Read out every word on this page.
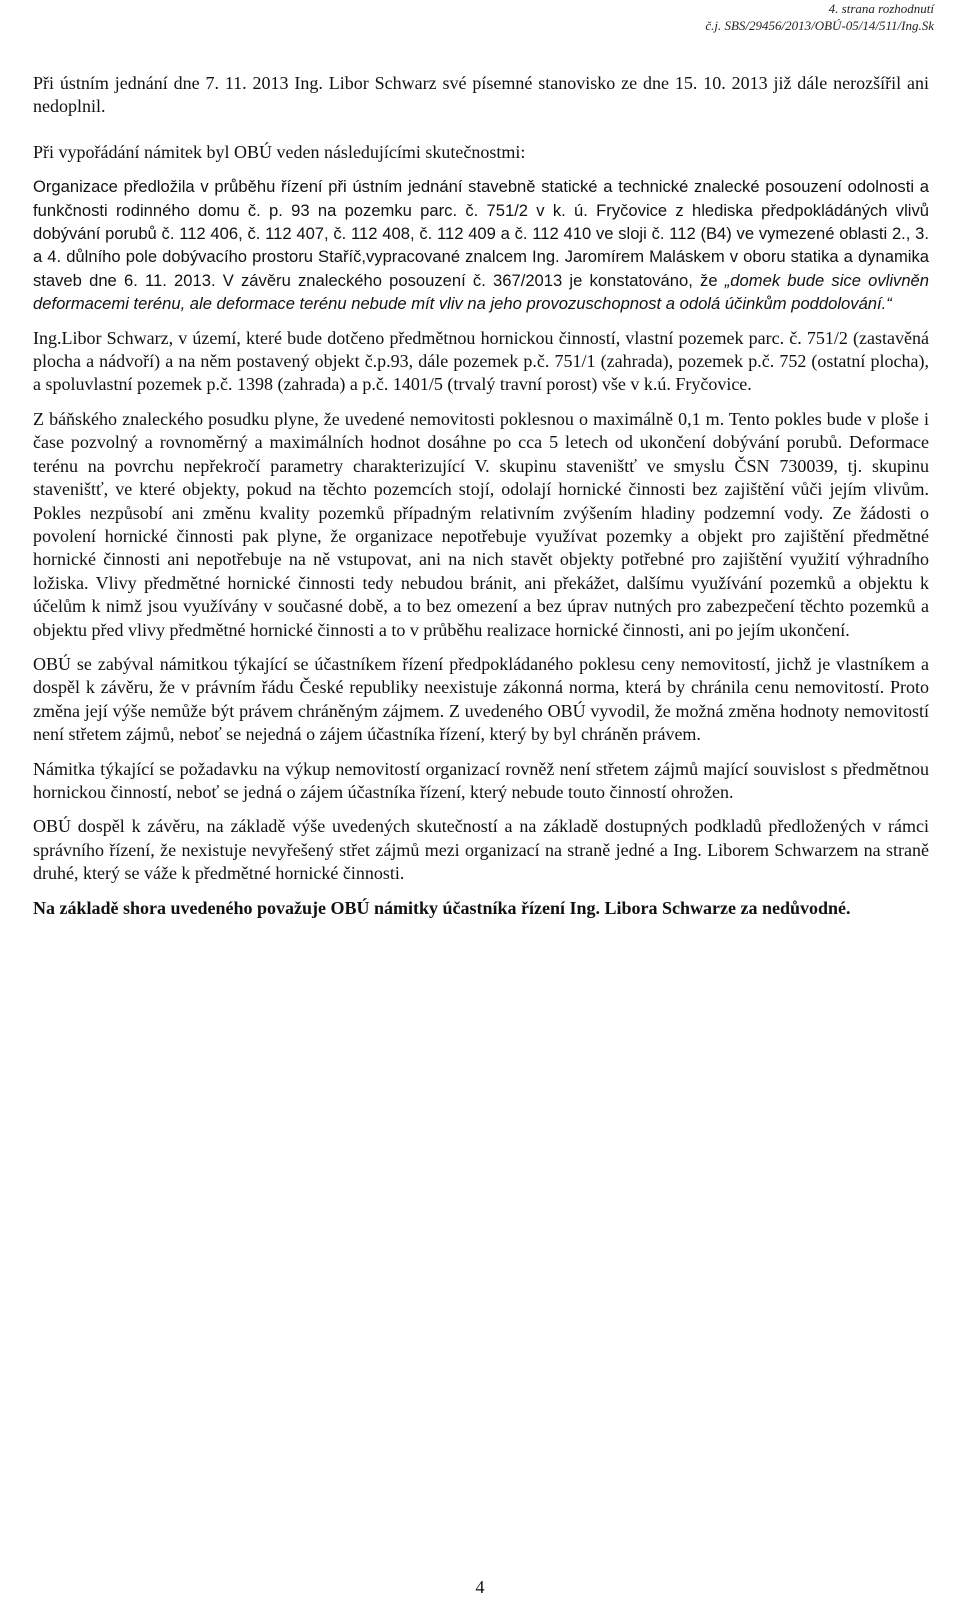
4. strana rozhodnutí
č.j. SBS/29456/2013/OBÚ-05/14/511/Ing.Sk

Při ústním jednání dne 7. 11. 2013 Ing. Libor Schwarz své písemné stanovisko ze dne 15. 10. 2013 již dále nerozšířil ani nedoplnil.

Při vypořádání námitek byl OBÚ veden následujícími skutečnostmi:

Organizace předložila v průběhu řízení při ústním jednání stavebně statické a technické znalecké posouzení odolnosti a funkčnosti rodinného domu č. p. 93 na pozemku parc. č. 751/2 v k. ú. Fryčovice z hlediska předpokládáných vlivů dobývání porubů č. 112 406, č. 112 407, č. 112 408, č. 112 409 a č. 112 410 ve sloji č. 112 (B4) ve vymezené oblasti 2., 3. a 4. důlního pole dobývacího prostoru Staříč,vypracované znalcem Ing. Jaromírem Maláskem v oboru statika a dynamika staveb dne 6. 11. 2013. V závěru znaleckého posouzení č. 367/2013 je konstatováno, že „domek bude sice ovlivněn deformacemi terénu, ale deformace terénu nebude mít vliv na jeho provozuschopnost a odolá účinkům poddolování.“

Ing.Libor Schwarz, v území, které bude dotčeno předmětnou hornickou činností, vlastní pozemek parc. č. 751/2 (zastavěná plocha a nádvoří) a na něm postavený objekt č.p.93, dále pozemek p.č. 751/1 (zahrada), pozemek p.č. 752 (ostatní plocha), a spoluvlastní pozemek p.č. 1398 (zahrada) a p.č. 1401/5 (trvalý travní porost) vše v k.ú. Fryčovice.

Z báňského znaleckého posudku plyne, že uvedené nemovitosti poklesnou o maximálně 0,1 m. Tento pokles bude v ploše i čase pozvolný a rovnoměrný a maximálních hodnot dosáhne po cca 5 letech od ukončení dobývání porubů. Deformace terénu na povrchu nepřekročí parametry charakterizující V. skupinu staveništť ve smyslu ČSN 730039, tj. skupinu staveništť, ve které objekty, pokud na těchto pozemcích stojí, odolají hornické činnosti bez zajištění vůči jejím vlivům. Pokles nezpůsobí ani změnu kvality pozemků případným relativním zvýšením hladiny podzemní vody. Ze žádosti o povolení hornické činnosti pak plyne, že organizace nepotřebuje využívat pozemky a objekt pro zajištění předmětné hornické činnosti ani nepotřebuje na ně vstupovat, ani na nich stavět objekty potřebné pro zajištění využití výhradního ložiska. Vlivy předmětné hornické činnosti tedy nebudou bránit, ani překážet, dalšímu využívání pozemků a objektu k účelům k nimž jsou využívány v současné době, a to bez omezení a bez úprav nutných pro zabezpečení těchto pozemků a objektu před vlivy předmětné hornické činnosti a to v průběhu realizace hornické činnosti, ani po jejím ukončení.

OBÚ se zabýval námitkou týkající se účastníkem řízení předpokládaného poklesu ceny nemovitostí, jichž je vlastníkem a dospěl k závěru, že v právním řádu České republiky neexistuje zákonná norma, která by chránila cenu nemovitostí. Proto změna její výše nemůže být právem chráněným zájmem. Z uvedeného OBÚ vyvodil, že možná změna hodnoty nemovitostí není střetem zájmů, neboť se nejedná o zájem účastníka řízení, který by byl chráněn právem.

Námitka týkající se požadavku na výkup nemovitostí organizací rovněž není střetem zájmů mající souvislost s předmětnou hornickou činností, neboť se jedná o zájem účastníka řízení, který nebude touto činností ohrožen.

OBÚ dospěl k závěru, na základě výše uvedených skutečností a na základě dostupných podkladů předložených v rámci správního řízení, že nexistuje nevyřešený střet zájmů mezi organizací na straně jedné a Ing. Liborem Schwarzem na straně druhé, který se váže k předmětné hornické činnosti.

Na základě shora uvedeného považuje OBÚ námitky účastníka řízení Ing. Libora Schwarze za nedůvodné.

4
